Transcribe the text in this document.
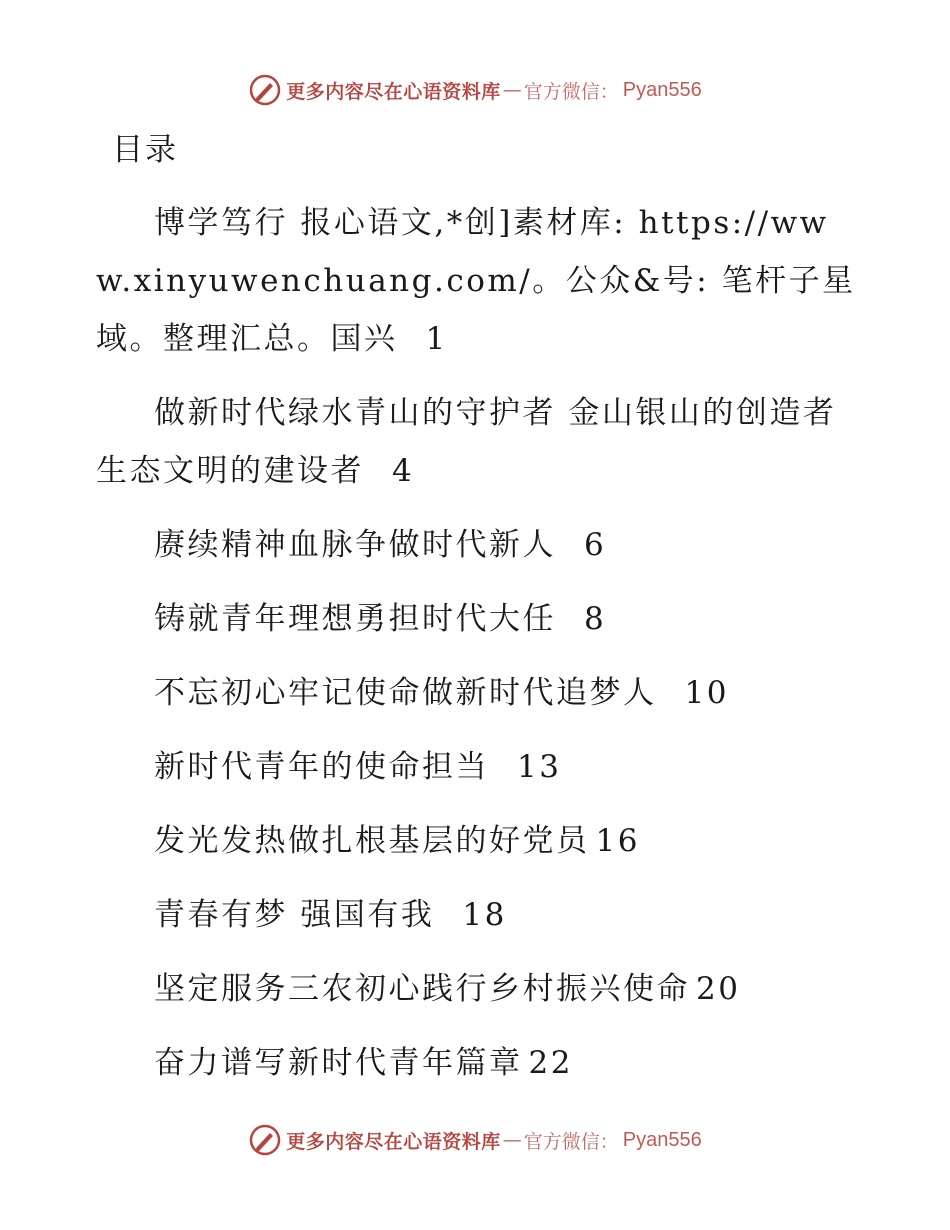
更多内容尽在心语资料库 — 官方微信： Pyan556
目录
博学笃行 报心语文,*创]素材库: https://www.xinyuwenchuang.com/。公众&号: 笔杆子星域。整理汇总。国兴 1
做新时代绿水青山的守护者 金山银山的创造者生态文明的建设者 4
赓续精神血脉争做时代新人 6
铸就青年理想勇担时代大任 8
不忘初心牢记使命做新时代追梦人 10
新时代青年的使命担当 13
发光发热做扎根基层的好党员 16
青春有梦 强国有我 18
坚定服务三农初心践行乡村振兴使命 20
奋力谱写新时代青年篇章 22
更多内容尽在心语资料库 — 官方微信： Pyan556
